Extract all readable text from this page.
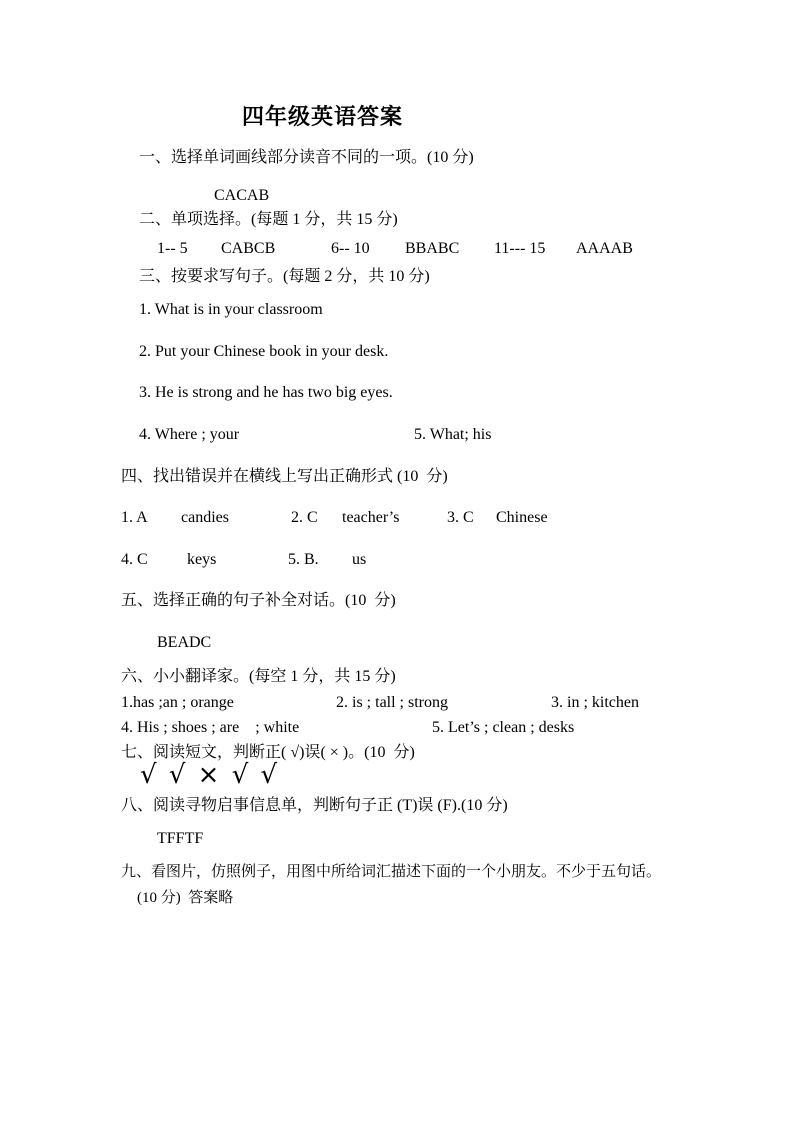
四年级英语答案
一、选择单词画线部分读音不同的一项。(10 分)
CACAB
二、单项选择。(每题 1 分，共 15 分)
1-- 5 CABCB	6-- 10 BBABC 11--- 15 AAAAB
三、按要求写句子。(每题 2 分，共 10 分)
1. What is in your classroom
2. Put your Chinese book in your desk.
3. He is strong and he has two big eyes.
4. Where ; your	5. What; his
四、找出错误并在横线上写出正确形式 (10  分)
1. A candies	2. C teacher’s	3. C Chinese
4. C keys	5. B. us
五、选择正确的句子补全对话。(10  分)
BEADC
六、小小翻译家。(每空 1 分，共 15 分)
1.has ;an ; orange	2. is ; tall ; strong	3. in ; kitchen
4. His ; shoes ; are    ; white	5. Let’s ; clean ; desks
七、阅读短文，判断正( √)误( × )。(10  分)
√ √ × √ √
八、阅读寻物启事信息单，判断句子正 (T)误 (F).(10 分)
TFFTF
九、看图片，仿照例子，用图中所给词汇描述下面的一个小朋友。不少于五句话。
(10 分)  答案略
